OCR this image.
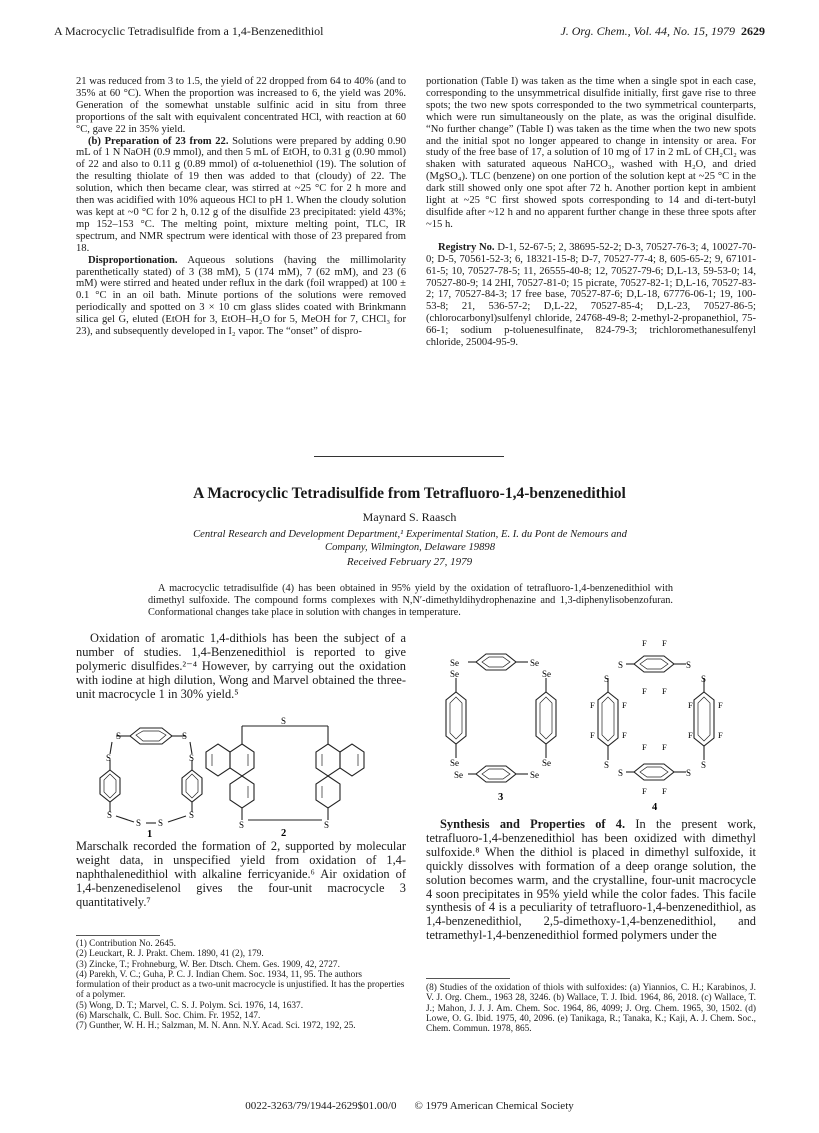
A Macrocyclic Tetradisulfide from a 1,4-Benzenedithiol	J. Org. Chem., Vol. 44, No. 15, 1979 2629

21 was reduced from 3 to 1.5, the yield of 22 dropped from 64 to 40% (and to 35% at 60 °C). When the proportion was increased to 6, the yield was 20%. Generation of the somewhat unstable sulfinic acid in situ from three proportions of the salt with equivalent concentrated HCl, with reaction at 60 °C, gave 22 in 35% yield.

(b) Preparation of 23 from 22. Solutions were prepared by adding 0.90 mL of 1 N NaOH (0.9 mmol), and then 5 mL of EtOH, to 0.31 g (0.90 mmol) of 22 and also to 0.11 g (0.89 mmol) of α-toluenethiol (19). The solution of the resulting thiolate of 19 then was added to that (cloudy) of 22. The solution, which then became clear, was stirred at ~25 °C for 2 h more and then was acidified with 10% aqueous HCl to pH 1. When the cloudy solution was kept at ~0 °C for 2 h, 0.12 g of the disulfide 23 precipitated: yield 43%; mp 152–153 °C. The melting point, mixture melting point, TLC, IR spectrum, and NMR spectrum were identical with those of 23 prepared from 18.

Disproportionation. Aqueous solutions (having the millimolarity parenthetically stated) of 3 (38 mM), 5 (174 mM), 7 (62 mM), and 23 (6 mM) were stirred and heated under reflux in the dark (foil wrapped) at 100 ± 0.1 °C in an oil bath. Minute portions of the solutions were removed periodically and spotted on 3 × 10 cm glass slides coated with Brinkmann silica gel G, eluted (EtOH for 3, EtOH–H₂O for 5, MeOH for 7, CHCl₃ for 23), and subsequently developed in I₂ vapor. The “onset” of dispro-

portionation (Table I) was taken as the time when a single spot in each case, corresponding to the unsymmetrical disulfide initially, first gave rise to three spots; the two new spots corresponded to the two symmetrical counterparts, which were run simultaneously on the plate, as was the original disulfide. “No further change” (Table I) was taken as the time when the two new spots and the initial spot no longer appeared to change in intensity or area. For study of the free base of 17, a solution of 10 mg of 17 in 2 mL of CH₂Cl₂ was shaken with saturated aqueous NaHCO₃, washed with H₂O, and dried (MgSO₄). TLC (benzene) on one portion of the solution kept at ~25 °C in the dark still showed only one spot after 72 h. Another portion kept in ambient light at ~25 °C first showed spots corresponding to 14 and di-tert-butyl disulfide after ~12 h and no apparent further change in these three spots after ~15 h.

Registry No. D-1, 52-67-5; 2, 38695-52-2; D-3, 70527-76-3; 4, 10027-70-0; D-5, 70561-52-3; 6, 18321-15-8; D-7, 70527-77-4; 8, 605-65-2; 9, 67101-61-5; 10, 70527-78-5; 11, 26555-40-8; 12, 70527-79-6; D,L-13, 59-53-0; 14, 70527-80-9; 14 2HI, 70527-81-0; 15 picrate, 70527-82-1; D,L-16, 70527-83-2; 17, 70527-84-3; 17 free base, 70527-87-6; D,L-18, 67776-06-1; 19, 100-53-8; 21, 536-57-2; D,L-22, 70527-85-4; D,L-23, 70527-86-5; (chlorocarbonyl)sulfenyl chloride, 24768-49-8; 2-methyl-2-propanethiol, 75-66-1; sodium p-toluenesulfinate, 824-79-3; trichloromethanesulfenyl chloride, 25004-95-9.

A Macrocyclic Tetradisulfide from Tetrafluoro-1,4-benzenedithiol
Maynard S. Raasch
Central Research and Development Department,¹ Experimental Station, E. I. du Pont de Nemours and
Company, Wilmington, Delaware 19898
Received February 27, 1979
A macrocyclic tetradisulfide (4) has been obtained in 95% yield by the oxidation of tetrafluoro-1,4-benzenedithiol with dimethyl sulfoxide. The compound forms complexes with N,N′-dimethyldihydrophenazine and 1,3-diphenylisobenzofuran. Conformational changes take place in solution with changes in temperature.
Oxidation of aromatic 1,4-dithiols has been the subject of a number of studies. 1,4-Benzenedithiol is reported to give polymeric disulfides.²⁻⁴ However, by carrying out the oxidation with iodine at high dilution, Wong and Marvel obtained the three-unit macrocycle 1 in 30% yield.⁵
S	S
S	S
S	S
S S
1
S
S	S
2
Marschalk recorded the formation of 2, supported by molecular weight data, in unspecified yield from oxidation of 1,4-naphthalenedithiol with alkaline ferricyanide.⁶ Air oxidation of 1,4-benzenediselenol gives the four-unit macrocycle 3 quantitatively.⁷
Se	Se
Se	Se
Se	Se
Se	Se
3
F F
S	S
S	S
F	F	F	F
F	F	F	F
F F
F F
S	S
S	S
F F
4
Synthesis and Properties of 4. In the present work, tetrafluoro-1,4-benzenedithiol has been oxidized with dimethyl sulfoxide.⁸ When the dithiol is placed in dimethyl sulfoxide, it quickly dissolves with formation of a deep orange solution, the solution becomes warm, and the crystalline, four-unit macrocycle 4 soon precipitates in 95% yield while the color fades. This facile synthesis of 4 is a peculiarity of tetrafluoro-1,4-benzenedithiol, as 1,4-benzenedithiol, 2,5-dimethoxy-1,4-benzenedithiol, and tetramethyl-1,4-benzenedithiol formed polymers under the
(1) Contribution No. 2645.
(2) Leuckart, R. J. Prakt. Chem. 1890, 41 (2), 179.
(3) Zincke, T.; Frohneburg, W. Ber. Dtsch. Chem. Ges. 1909, 42, 2727.
(4) Parekh, V. C.; Guha, P. C. J. Indian Chem. Soc. 1934, 11, 95. The authors formulation of their product as a two-unit macrocycle is unjustified. It has the properties of a polymer.
(5) Wong, D. T.; Marvel, C. S. J. Polym. Sci. 1976, 14, 1637.
(6) Marschalk, C. Bull. Soc. Chim. Fr. 1952, 147.
(7) Gunther, W. H. H.; Salzman, M. N. Ann. N.Y. Acad. Sci. 1972, 192, 25.
(8) Studies of the oxidation of thiols with sulfoxides: (a) Yiannios, C. H.; Karabinos, J. V. J. Org. Chem., 1963 28, 3246. (b) Wallace, T. J. Ibid. 1964, 86, 2018. (c) Wallace, T. J.; Mahon, J. J. J. Am. Chem. Soc. 1964, 86, 4099; J. Org. Chem. 1965, 30, 1502. (d) Lowe, O. G. Ibid. 1975, 40, 2096. (e) Tanikaga, R.; Tanaka, K.; Kaji, A. J. Chem. Soc., Chem. Commun. 1978, 865.
0022-3263/79/1944-2629$01.00/0 © 1979 American Chemical Society
